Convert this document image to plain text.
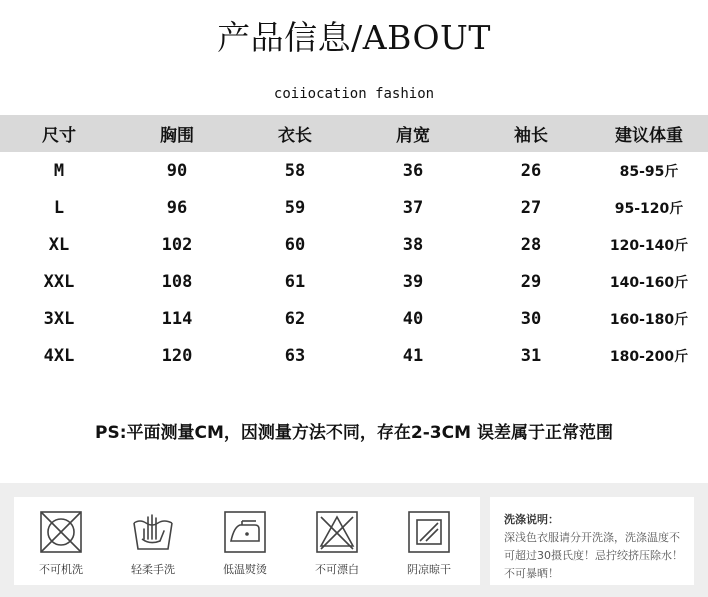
产品信息/ABOUT
coiiocation fashion
尺寸	胸围	衣长	肩宽	袖长	建议体重
M	90	58	36	26	85-95斤
L	96	59	37	27	95-120斤
XL	102	60	38	28	120-140斤
XXL	108	61	39	29	140-160斤
3XL	114	62	40	30	160-180斤
4XL	120	63	41	31	180-200斤
PS:平面测量CM，因测量方法不同，存在2-3CM 误差属于正常范围
不可机洗	轻柔手洗	低温熨烫	不可漂白	阴凉晾干
洗涤说明：
深浅色衣服请分开洗涤，洗涤温度不可超过30摄氏度！忌拧绞挤压除水！不可暴晒！
